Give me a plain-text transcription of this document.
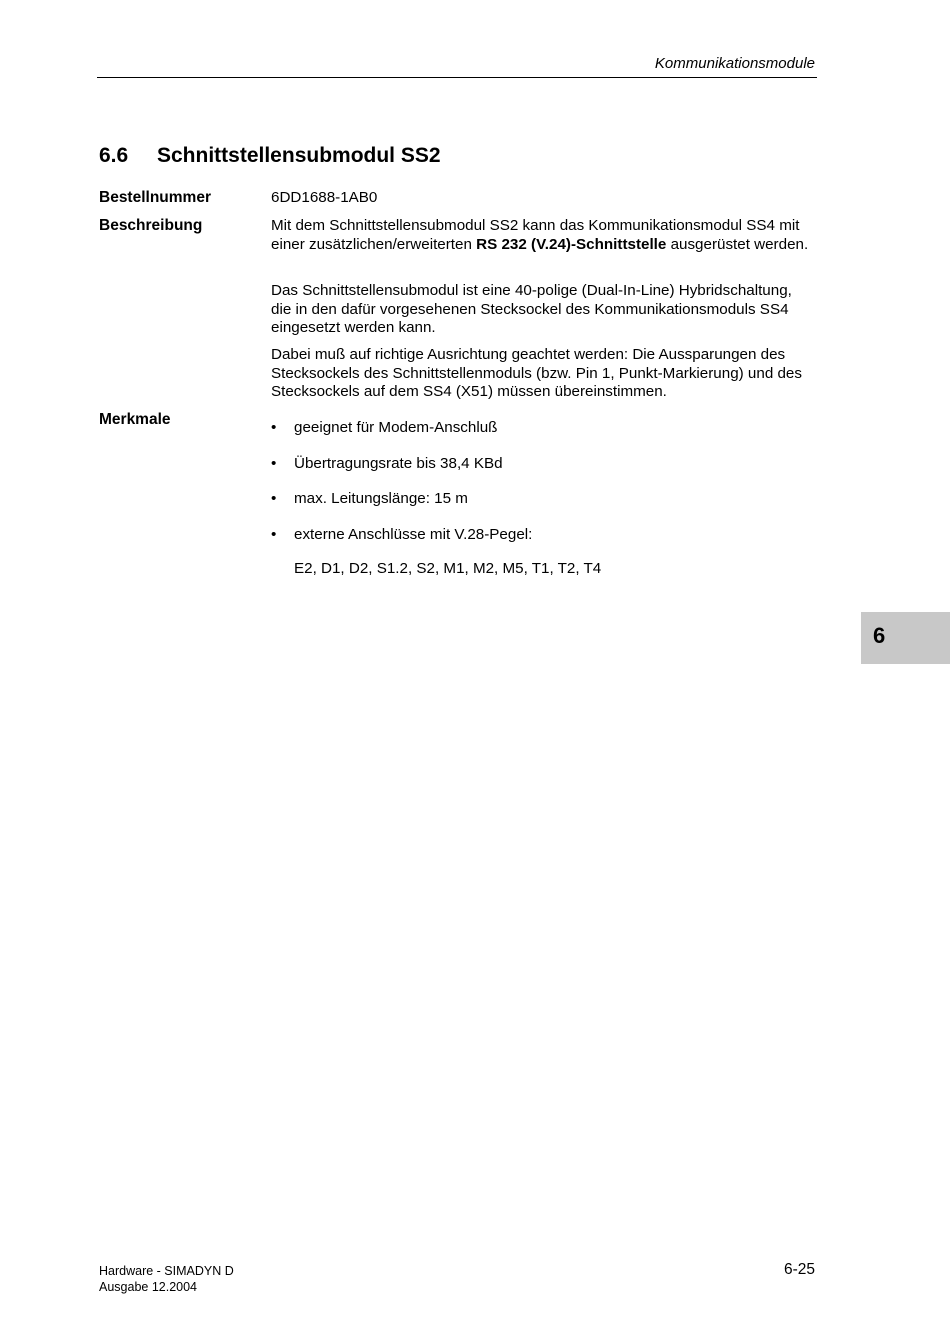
Kommunikationsmodule
6.6 Schnittstellensubmodul SS2
Bestellnummer	6DD1688-1AB0
Beschreibung	Mit dem Schnittstellensubmodul SS2 kann das Kommunikationsmodul SS4 mit einer zusätzlichen/erweiterten RS 232 (V.24)-Schnittstelle ausgerüstet werden.
Das Schnittstellensubmodul ist eine 40-polige (Dual-In-Line) Hybridschaltung, die in den dafür vorgesehenen Stecksockel des Kommunikationsmoduls SS4 eingesetzt werden kann.
Dabei muß auf richtige Ausrichtung geachtet werden: Die Aussparungen des Stecksockels des Schnittstellenmoduls (bzw. Pin 1, Punkt-Markierung) und des Stecksockels auf dem SS4 (X51) müssen übereinstimmen.
Merkmale	• geeignet für Modem-Anschluß
• Übertragungsrate bis 38,4 KBd
• max. Leitungslänge: 15 m
• externe Anschlüsse mit V.28-Pegel:
E2, D1, D2, S1.2, S2, M1, M2, M5, T1, T2, T4
6
Hardware - SIMADYN D
Ausgabe 12.2004
6-25
